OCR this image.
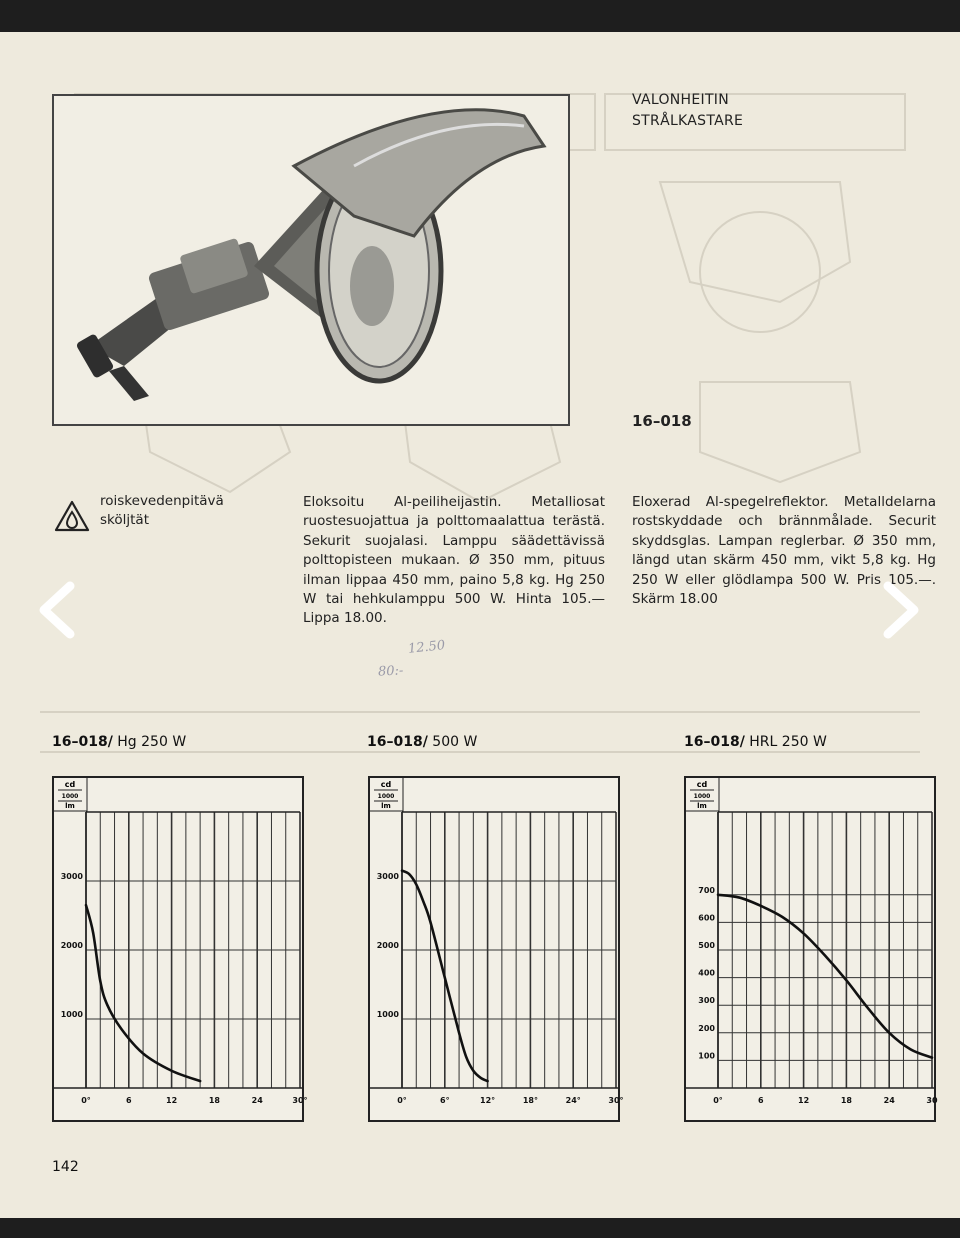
VALONHEITIN
STRÅLKASTARE
16–018
roiskevedenpitävä
sköljtät
Eloksoitu Al-peiliheijastin. Metalliosat ruostesuojattua ja polttomaalattua terästä. Sekurit suojalasi. Lamppu säädettävissä polttopisteen mukaan. Ø 350 mm, pituus ilman lippaa 450 mm, paino 5,8 kg. Hg 250 W tai hehkulamppu 500 W. Hinta 105.— Lippa 18.00.
Eloxerad Al-spegelreflektor. Metalldelarna rostskyddade och brännmålade. Securit skyddsglas. Lampan reglerbar. Ø 350 mm, längd utan skärm 450 mm, vikt 5,8 kg. Hg 250 W eller glödlampa 500 W. Pris 105.—. Skärm 18.00
12.50
80:-
16–018/ Hg 250 W	16–018/ 500 W	16–018/ HRL 250 W
cd
1000
lm
1000
2000
3000
0°	6	12	18	24	30°
cd
1000
lm
1000
2000
3000
0°	6°	12°	18°	24°	30°
cd
1000
lm
100
200
300
400
500
600
700
0°	6	12	18	24	30
142
